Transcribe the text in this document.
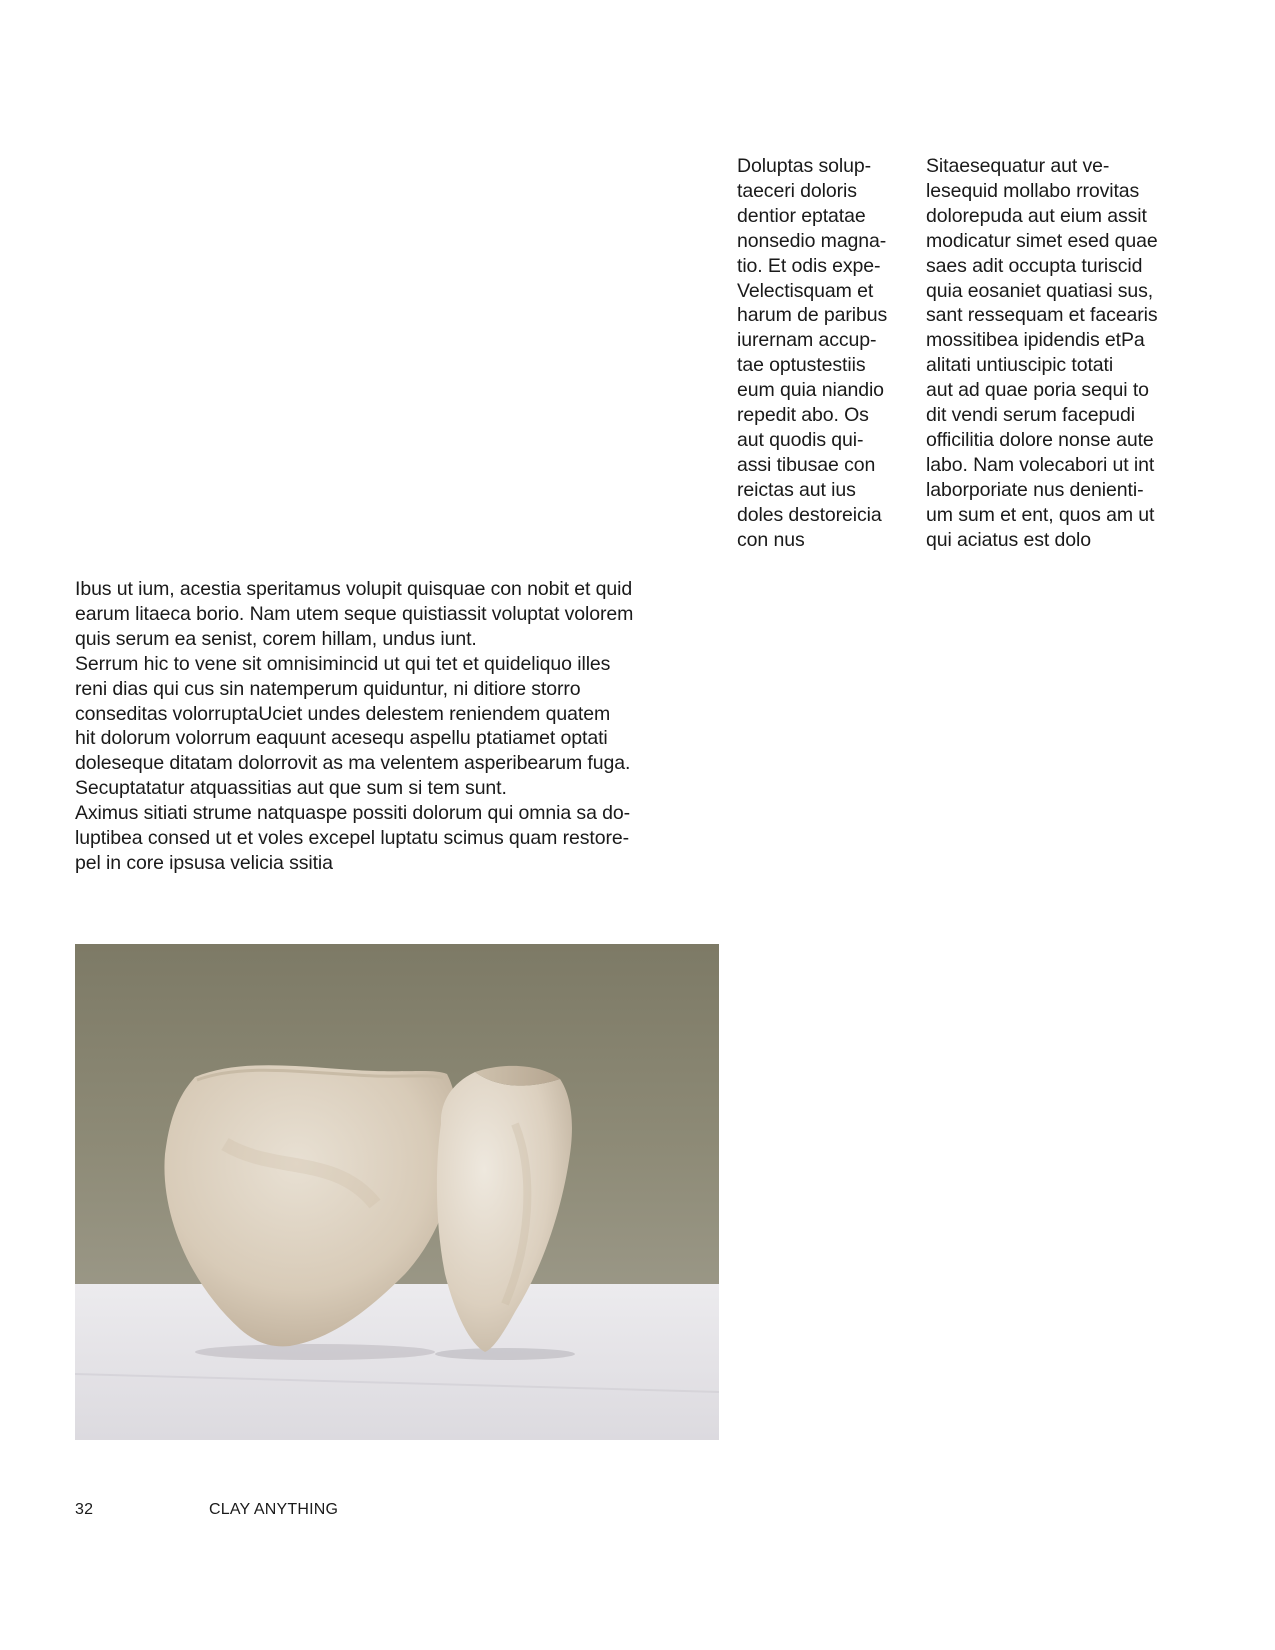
Doluptas solup-
taeceri doloris
dentior eptatae
nonsedio magna-
tio. Et odis expe-
Velectisquam et
harum de paribus
iurernam accup-
tae optustestiis
eum quia niandio
repedit abo. Os
aut quodis qui-
assi tibusae con
reictas aut ius
doles destoreicia
con nus
Sitaesequatur aut ve-
lesequid mollabo rrovitas
dolorepuda aut eium assit
modicatur simet esed quae
saes adit occupta turiscid
quia eosaniet quatiasi sus,
sant ressequam et facearis
mossitibea ipidendis etPa
alitati untiuscipic totati
aut ad quae poria sequi to
dit vendi serum facepudi
officilitia dolore nonse aute
labo. Nam volecabori ut int
laborporiate nus denienti-
um sum et ent, quos am ut
qui aciatus est dolo
Ibus ut ium, acestia speritamus volupit quisquae con nobit et quid
earum litaeca borio. Nam utem seque quistiassit voluptat volorem
quis serum ea senist, corem hillam, undus iunt.
Serrum hic to vene sit omnisimincid ut qui tet et quideliquo illes
reni dias qui cus sin natemperum quiduntur, ni ditiore storro
conseditas volorruptaUciet undes delestem reniendem quatem
hit dolorum volorrum eaquunt acesequ aspellu ptatiamet optati
doleseque ditatam dolorrovit as ma velentem asperibearum fuga.
Secuptatatur atquassitias aut que sum si tem sunt.
Aximus sitiati strume natquaspe possiti dolorum qui omnia sa do-
luptibea consed ut et voles excepel luptatu scimus quam restore-
pel in core ipsusa velicia ssitia
32	CLAY ANYTHING
